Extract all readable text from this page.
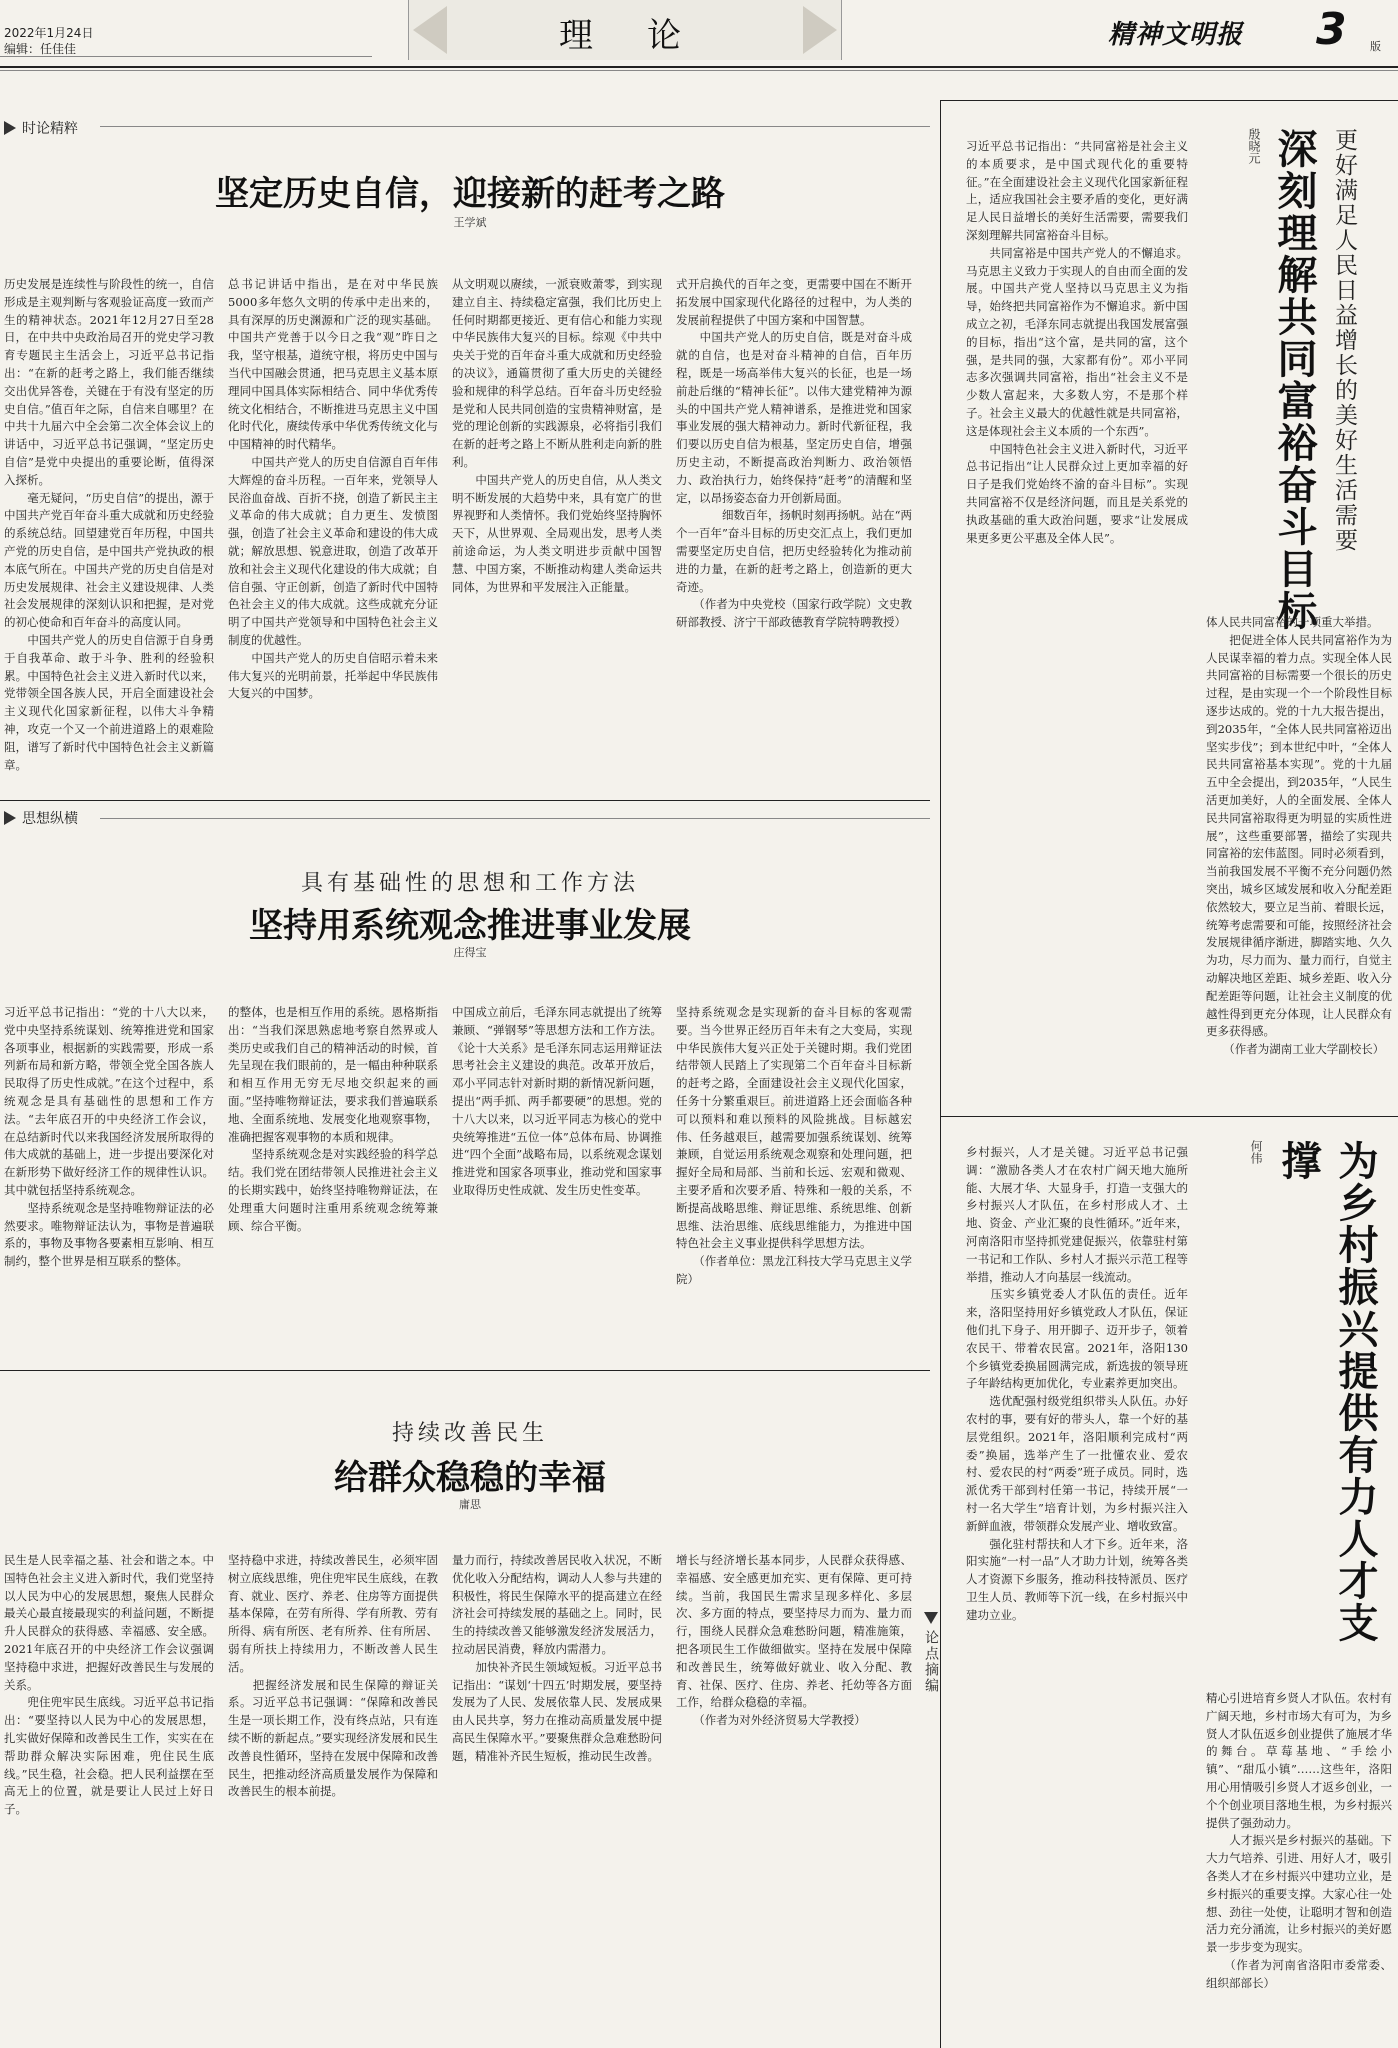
2022年1月24日
编辑：任佳佳	理　论	精神文明报 3 版
时论精粹
坚定历史自信，迎接新的赶考之路
王学斌
历史发展是连续性与阶段性的统一，自信形成是主观判断与客观验证高度一致而产生的精神状态。2021年12月27日至28日，在中共中央政治局召开的党史学习教育专题民主生活会上，习近平总书记指出：“在新的赶考之路上，我们能否继续交出优异答卷，关键在于有没有坚定的历史自信。”值百年之际，自信来自哪里？在中共十九届六中全会第二次全体会议上的讲话中，习近平总书记强调，“坚定历史自信”是党中央提出的重要论断，值得深入探析。
　　毫无疑问，“历史自信”的提出，源于中国共产党百年奋斗重大成就和历史经验的系统总结。回望建党百年历程，中国共产党的历史自信，是中国共产党执政的根本底气所在。中国共产党的历史自信是对历史发展规律、社会主义建设规律、人类社会发展规律的深刻认识和把握，是对党的初心使命和百年奋斗的高度认同。
　　中国共产党人的历史自信源于自身勇于自我革命、敢于斗争、胜利的经验积累。中国特色社会主义进入新时代以来，党带领全国各族人民，开启全面建设社会主义现代化国家新征程，以伟大斗争精神，攻克一个又一个前进道路上的艰难险阻，谱写了新时代中国特色社会主义新篇章。
总书记讲话中指出，是在对中华民族5000多年悠久文明的传承中走出来的，具有深厚的历史渊源和广泛的现实基础。中国共产党善于以今日之我“观”昨日之我，坚守根基，道统守根，将历史中国与当代中国融会贯通，把马克思主义基本原理同中国具体实际相结合、同中华优秀传统文化相结合，不断推进马克思主义中国化时代化，赓续传承中华优秀传统文化与中国精神的时代精华。
　　中国共产党人的历史自信源自百年伟大辉煌的奋斗历程。一百年来，党领导人民浴血奋战、百折不挠，创造了新民主主义革命的伟大成就；自力更生、发愤图强，创造了社会主义革命和建设的伟大成就；解放思想、锐意进取，创造了改革开放和社会主义现代化建设的伟大成就；自信自强、守正创新，创造了新时代中国特色社会主义的伟大成就。这些成就充分证明了中国共产党领导和中国特色社会主义制度的优越性。
　　中国共产党人的历史自信昭示着未来伟大复兴的光明前景，托举起中华民族伟大复兴的中国梦。
从文明观以赓续，一派衰败萧零，到实现建立自主、持续稳定富强，我们比历史上任何时期都更接近、更有信心和能力实现中华民族伟大复兴的目标。综观《中共中央关于党的百年奋斗重大成就和历史经验的决议》，通篇贯彻了重大历史的关键经验和规律的科学总结。百年奋斗历史经验是党和人民共同创造的宝贵精神财富，是党的理论创新的实践源泉，必将指引我们在新的赶考之路上不断从胜利走向新的胜利。
　　中国共产党人的历史自信，从人类文明不断发展的大趋势中来，具有宽广的世界视野和人类情怀。我们党始终坚持胸怀天下，从世界观、全局观出发，思考人类前途命运，为人类文明进步贡献中国智慧、中国方案，不断推动构建人类命运共同体，为世界和平发展注入正能量。
式开启换代的百年之变，更需要中国在不断开拓发展中国家现代化路径的过程中，为人类的发展前程提供了中国方案和中国智慧。
　　中国共产党人的历史自信，既是对奋斗成就的自信，也是对奋斗精神的自信，百年历程，既是一场高举伟大复兴的长征，也是一场前赴后继的“精神长征”。以伟大建党精神为源头的中国共产党人精神谱系，是推进党和国家事业发展的强大精神动力。新时代新征程，我们要以历史自信为根基，坚定历史自信，增强历史主动，不断提高政治判断力、政治领悟力、政治执行力，始终保持“赶考”的清醒和坚定，以昂扬姿态奋力开创新局面。
　　　　细数百年，扬帆时刻再扬帆。站在“两个一百年”奋斗目标的历史交汇点上，我们更加需要坚定历史自信，把历史经验转化为推动前进的力量，在新的赶考之路上，创造新的更大奇迹。
　　（作者为中央党校（国家行政学院）文史教研部教授、济宁干部政德教育学院特聘教授）
思想纵横
具有基础性的思想和工作方法
坚持用系统观念推进事业发展
庄得宝
习近平总书记指出：“党的十八大以来，党中央坚持系统谋划、统筹推进党和国家各项事业，根据新的实践需要，形成一系列新布局和新方略，带领全党全国各族人民取得了历史性成就。”在这个过程中，系统观念是具有基础性的思想和工作方法。“去年底召开的中央经济工作会议，在总结新时代以来我国经济发展所取得的伟大成就的基础上，进一步提出要深化对在新形势下做好经济工作的规律性认识。其中就包括坚持系统观念。
　　坚持系统观念是坚持唯物辩证法的必然要求。唯物辩证法认为，事物是普遍联系的，事物及事物各要素相互影响、相互制约，整个世界是相互联系的整体。
的整体，也是相互作用的系统。恩格斯指出：“当我们深思熟虑地考察自然界或人类历史或我们自己的精神活动的时候，首先呈现在我们眼前的，是一幅由种种联系和相互作用无穷无尽地交织起来的画面。”坚持唯物辩证法，要求我们普遍联系地、全面系统地、发展变化地观察事物，准确把握客观事物的本质和规律。
　　坚持系统观念是对实践经验的科学总结。我们党在团结带领人民推进社会主义的长期实践中，始终坚持唯物辩证法，在处理重大问题时注重用系统观念统筹兼顾、综合平衡。
中国成立前后，毛泽东同志就提出了统筹兼顾、“弹钢琴”等思想方法和工作方法。《论十大关系》是毛泽东同志运用辩证法思考社会主义建设的典范。改革开放后，邓小平同志针对新时期的新情况新问题，提出“两手抓、两手都要硬”的思想。党的十八大以来，以习近平同志为核心的党中央统筹推进“五位一体”总体布局、协调推进“四个全面”战略布局，以系统观念谋划推进党和国家各项事业，推动党和国家事业取得历史性成就、发生历史性变革。
坚持系统观念是实现新的奋斗目标的客观需要。当今世界正经历百年未有之大变局，实现中华民族伟大复兴正处于关键时期。我们党团结带领人民踏上了实现第二个百年奋斗目标新的赶考之路，全面建设社会主义现代化国家，任务十分繁重艰巨。前进道路上还会面临各种可以预料和难以预料的风险挑战。目标越宏伟、任务越艰巨，越需要加强系统谋划、统筹兼顾，自觉运用系统观念观察和处理问题，把握好全局和局部、当前和长远、宏观和微观、主要矛盾和次要矛盾、特殊和一般的关系，不断提高战略思维、辩证思维、系统思维、创新思维、法治思维、底线思维能力，为推进中国特色社会主义事业提供科学思想方法。
　　（作者单位：黑龙江科技大学马克思主义学院）
持续改善民生
给群众稳稳的幸福
庸思
民生是人民幸福之基、社会和谐之本。中国特色社会主义进入新时代，我们党坚持以人民为中心的发展思想，聚焦人民群众最关心最直接最现实的利益问题，不断提升人民群众的获得感、幸福感、安全感。2021年底召开的中央经济工作会议强调坚持稳中求进，把握好改善民生与发展的关系。
　　兜住兜牢民生底线。习近平总书记指出：“要坚持以人民为中心的发展思想，扎实做好保障和改善民生工作，实实在在帮助群众解决实际困难，兜住民生底线。”民生稳，社会稳。把人民利益摆在至高无上的位置，就是要让人民过上好日子。
坚持稳中求进，持续改善民生，必须牢固树立底线思维，兜住兜牢民生底线，在教育、就业、医疗、养老、住房等方面提供基本保障，在劳有所得、学有所教、劳有所得、病有所医、老有所养、住有所居、弱有所扶上持续用力，不断改善人民生活。
　　把握经济发展和民生保障的辩证关系。习近平总书记强调：“保障和改善民生是一项长期工作，没有终点站，只有连续不断的新起点。”要实现经济发展和民生改善良性循环，坚持在发展中保障和改善民生，把推动经济高质量发展作为保障和改善民生的根本前提。
量力而行，持续改善居民收入状况，不断优化收入分配结构，调动人人参与共建的积极性，将民生保障水平的提高建立在经济社会可持续发展的基础之上。同时，民生的持续改善又能够激发经济发展活力，拉动居民消费，释放内需潜力。
　　加快补齐民生领域短板。习近平总书记指出：“谋划‘十四五’时期发展，要坚持发展为了人民、发展依靠人民、发展成果由人民共享，努力在推动高质量发展中提高民生保障水平。”要聚焦群众急难愁盼问题，精准补齐民生短板，推动民生改善。
增长与经济增长基本同步，人民群众获得感、幸福感、安全感更加充实、更有保障、更可持续。当前，我国民生需求呈现多样化、多层次、多方面的特点，要坚持尽力而为、量力而行，围绕人民群众急难愁盼问题，精准施策，把各项民生工作做细做实。坚持在发展中保障和改善民生，统筹做好就业、收入分配、教育、社保、医疗、住房、养老、托幼等各方面工作，给群众稳稳的幸福。
　　（作者为对外经济贸易大学教授）
更好满足人民日益增长的美好生活需要
深刻理解共同富裕奋斗目标
殷晓元
习近平总书记指出：“共同富裕是社会主义的本质要求，是中国式现代化的重要特征。”在全面建设社会主义现代化国家新征程上，适应我国社会主要矛盾的变化，更好满足人民日益增长的美好生活需要，需要我们深刻理解共同富裕奋斗目标。
　　共同富裕是中国共产党人的不懈追求。马克思主义致力于实现人的自由而全面的发展。中国共产党人坚持以马克思主义为指导，始终把共同富裕作为不懈追求。新中国成立之初，毛泽东同志就提出我国发展富强的目标，指出“这个富，是共同的富，这个强，是共同的强，大家都有份”。邓小平同志多次强调共同富裕，指出“社会主义不是少数人富起来，大多数人穷，不是那个样子。社会主义最大的优越性就是共同富裕，这是体现社会主义本质的一个东西”。
　　中国特色社会主义进入新时代，习近平总书记指出“让人民群众过上更加幸福的好日子是我们党始终不渝的奋斗目标”。实现共同富裕不仅是经济问题，而且是关系党的执政基础的重大政治问题，要求“让发展成果更多更公平惠及全体人民”。
体人民共同富裕的一项重大举措。
　　把促进全体人民共同富裕作为为人民谋幸福的着力点。实现全体人民共同富裕的目标需要一个很长的历史过程，是由实现一个一个阶段性目标逐步达成的。党的十九大报告提出，到2035年，“全体人民共同富裕迈出坚实步伐”；到本世纪中叶，“全体人民共同富裕基本实现”。党的十九届五中全会提出，到2035年，“人民生活更加美好，人的全面发展、全体人民共同富裕取得更为明显的实质性进展”，这些重要部署，描绘了实现共同富裕的宏伟蓝图。同时必须看到，当前我国发展不平衡不充分问题仍然突出，城乡区域发展和收入分配差距依然较大，要立足当前、着眼长远，统筹考虑需要和可能，按照经济社会发展规律循序渐进，脚踏实地、久久为功，尽力而为、量力而行，自觉主动解决地区差距、城乡差距、收入分配差距等问题，让社会主义制度的优越性得到更充分体现，让人民群众有更多获得感。
　　（作者为湖南工业大学副校长）
为乡村振兴提供有力人才支撑
何伟
乡村振兴，人才是关键。习近平总书记强调：“激励各类人才在农村广阔天地大施所能、大展才华、大显身手，打造一支强大的乡村振兴人才队伍，在乡村形成人才、土地、资金、产业汇聚的良性循环。”近年来，河南洛阳市坚持抓党建促振兴，依靠驻村第一书记和工作队、乡村人才振兴示范工程等举措，推动人才向基层一线流动。
　　压实乡镇党委人才队伍的责任。近年来，洛阳坚持用好乡镇党政人才队伍，保证他们扎下身子、用开脚子、迈开步子，领着农民干、带着农民富。2021年，洛阳130个乡镇党委换届圆满完成，新选拔的领导班子年龄结构更加优化，专业素养更加突出。
　　选优配强村级党组织带头人队伍。办好农村的事，要有好的带头人，靠一个好的基层党组织。2021年，洛阳顺利完成村“两委”换届，选举产生了一批懂农业、爱农村、爱农民的村“两委”班子成员。同时，选派优秀干部到村任第一书记，持续开展“一村一名大学生”培育计划，为乡村振兴注入新鲜血液，带领群众发展产业、增收致富。
　　强化驻村帮扶和人才下乡。近年来，洛阳实施“一村一品”人才助力计划，统筹各类人才资源下乡服务，推动科技特派员、医疗卫生人员、教师等下沉一线，在乡村振兴中建功立业。
精心引进培育乡贤人才队伍。农村有广阔天地，乡村市场大有可为，为乡贤人才队伍返乡创业提供了施展才华的舞台。草莓基地、“手绘小镇”、“甜瓜小镇”……这些年，洛阳用心用情吸引乡贤人才返乡创业，一个个创业项目落地生根，为乡村振兴提供了强劲动力。
　　人才振兴是乡村振兴的基础。下大力气培养、引进、用好人才，吸引各类人才在乡村振兴中建功立业，是乡村振兴的重要支撑。大家心往一处想、劲往一处使，让聪明才智和创造活力充分涌流，让乡村振兴的美好愿景一步步变为现实。
　　（作者为河南省洛阳市委常委、组织部部长）
论点摘编
